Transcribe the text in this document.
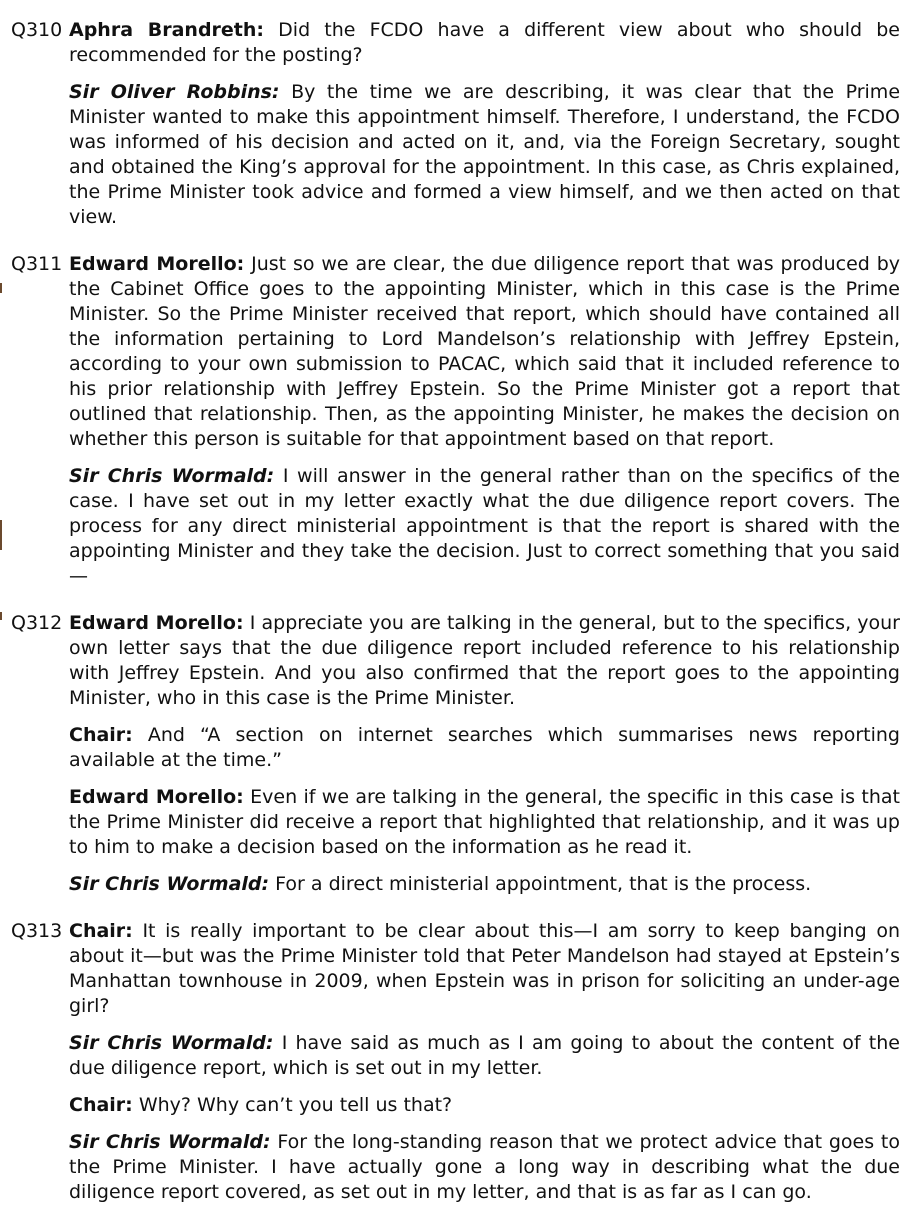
Q310 Aphra Brandreth: Did the FCDO have a different view about who should be recommended for the posting?

Sir Oliver Robbins: By the time we are describing, it was clear that the Prime Minister wanted to make this appointment himself. Therefore, I understand, the FCDO was informed of his decision and acted on it, and, via the Foreign Secretary, sought and obtained the King’s approval for the appointment. In this case, as Chris explained, the Prime Minister took advice and formed a view himself, and we then acted on that view.

Q311 Edward Morello: Just so we are clear, the due diligence report that was produced by the Cabinet Office goes to the appointing Minister, which in this case is the Prime Minister. So the Prime Minister received that report, which should have contained all the information pertaining to Lord Mandelson’s relationship with Jeffrey Epstein, according to your own submission to PACAC, which said that it included reference to his prior relationship with Jeffrey Epstein. So the Prime Minister got a report that outlined that relationship. Then, as the appointing Minister, he makes the decision on whether this person is suitable for that appointment based on that report.

Sir Chris Wormald: I will answer in the general rather than on the specifics of the case. I have set out in my letter exactly what the due diligence report covers. The process for any direct ministerial appointment is that the report is shared with the appointing Minister and they take the decision. Just to correct something that you said —

Q312 Edward Morello: I appreciate you are talking in the general, but to the specifics, your own letter says that the due diligence report included reference to his relationship with Jeffrey Epstein. And you also confirmed that the report goes to the appointing Minister, who in this case is the Prime Minister.

Chair: And “A section on internet searches which summarises news reporting available at the time.”

Edward Morello: Even if we are talking in the general, the specific in this case is that the Prime Minister did receive a report that highlighted that relationship, and it was up to him to make a decision based on the information as he read it.

Sir Chris Wormald: For a direct ministerial appointment, that is the process.

Q313 Chair: It is really important to be clear about this—I am sorry to keep banging on about it—but was the Prime Minister told that Peter Mandelson had stayed at Epstein’s Manhattan townhouse in 2009, when Epstein was in prison for soliciting an under-age girl?

Sir Chris Wormald: I have said as much as I am going to about the content of the due diligence report, which is set out in my letter.

Chair: Why? Why can’t you tell us that?

Sir Chris Wormald: For the long-standing reason that we protect advice that goes to the Prime Minister. I have actually gone a long way in describing what the due diligence report covered, as set out in my letter, and that is as far as I can go.
